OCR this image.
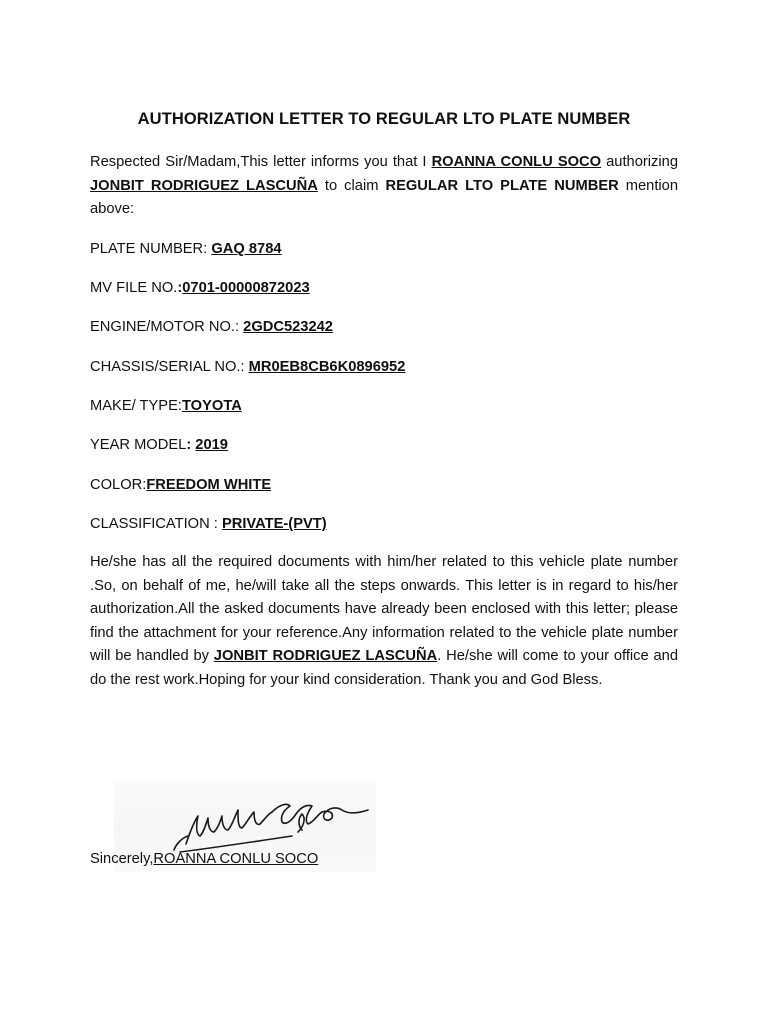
AUTHORIZATION LETTER TO REGULAR LTO PLATE NUMBER

Respected Sir/Madam,This letter informs you that I ROANNA CONLU SOCO authorizing JONBIT RODRIGUEZ LASCUÑA to claim REGULAR LTO PLATE NUMBER mention above:

PLATE NUMBER: GAQ 8784

MV FILE NO.:0701-00000872023

ENGINE/MOTOR NO.: 2GDC523242

CHASSIS/SERIAL NO.: MR0EB8CB6K0896952

MAKE/ TYPE:TOYOTA

YEAR MODEL: 2019

COLOR:FREEDOM WHITE

CLASSIFICATION : PRIVATE-(PVT)

He/she has all the required documents with him/her related to this vehicle plate number .So, on behalf of me, he/will take all the steps onwards. This letter is in regard to his/her authorization.All the asked documents have already been enclosed with this letter; please find the attachment for your reference.Any information related to the vehicle plate number will be handled by JONBIT RODRIGUEZ LASCUÑA. He/she will come to your office and do the rest work.Hoping for your kind consideration. Thank you and God Bless.

Sincerely,ROANNA CONLU SOCO
